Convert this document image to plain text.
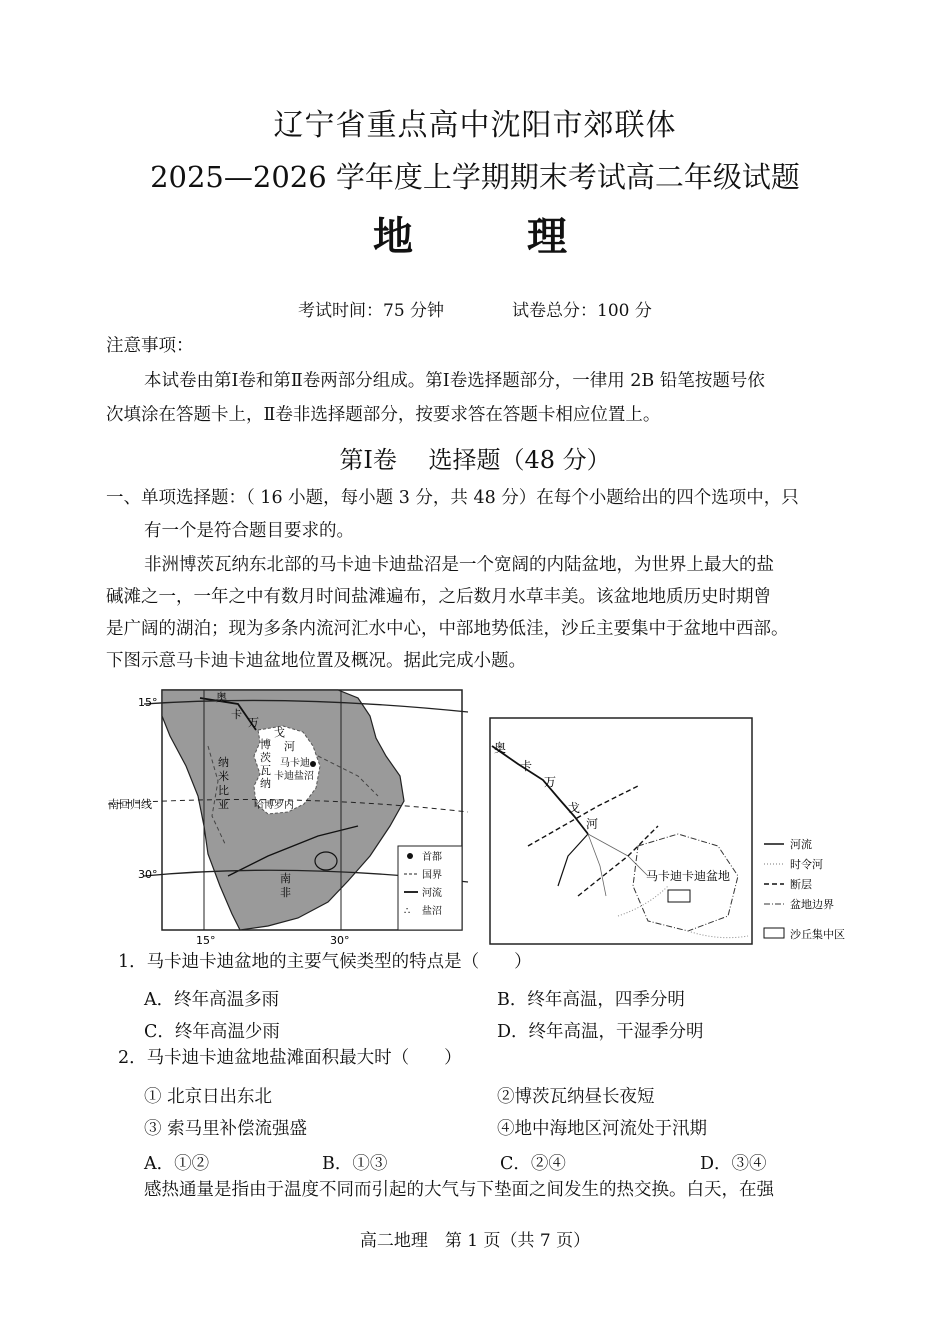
辽宁省重点高中沈阳市郊联体
2025—2026 学年度上学期期末考试高二年级试题
地 理
考试时间：75 分钟	试卷总分：100 分
注意事项：
本试卷由第Ⅰ卷和第Ⅱ卷两部分组成。第Ⅰ卷选择题部分，一律用 2B 铅笔按题号依
次填涂在答题卡上，Ⅱ卷非选择题部分，按要求答在答题卡相应位置上。
第Ⅰ卷　 选择题（48 分）
一、单项选择题：（ 16 小题，每小题 3 分，共 48 分）在每个小题给出的四个选项中，只
有一个是符合题目要求的。
非洲博茨瓦纳东北部的马卡迪卡迪盐沼是一个宽阔的内陆盆地，为世界上最大的盐
碱滩之一，一年之中有数月时间盐滩遍布，之后数月水草丰美。该盆地地质历史时期曾
是广阔的湖泊；现为多条内流河汇水中心，中部地势低洼，沙丘主要集中于盆地中西部。
下图示意马卡迪卡迪盆地位置及概况。据此完成小题。
15°
南回归线
30°
15°	30°
奥
卡
万
戈
河
博
茨
瓦
纳
马卡迪
卡迪盐沼
纳
米
比
亚	哈博罗内
南
非
首都
国界
河流
∴ 盐沼
奥
卡
万
戈
河
马卡迪卡迪盆地
河流
时令河
断层
盆地边界
沙丘集中区
1．马卡迪卡迪盆地的主要气候类型的特点是（　　）
A．终年高温多雨	B．终年高温，四季分明
C．终年高温少雨	D．终年高温，干湿季分明
2．马卡迪卡迪盆地盐滩面积最大时（　　）
① 北京日出东北	②博茨瓦纳昼长夜短
③ 索马里补偿流强盛	④地中海地区河流处于汛期
A．①②	B．①③	C．②④	D．③④
感热通量是指由于温度不同而引起的大气与下垫面之间发生的热交换。白天，在强
高二地理　第 1 页（共 7 页）
